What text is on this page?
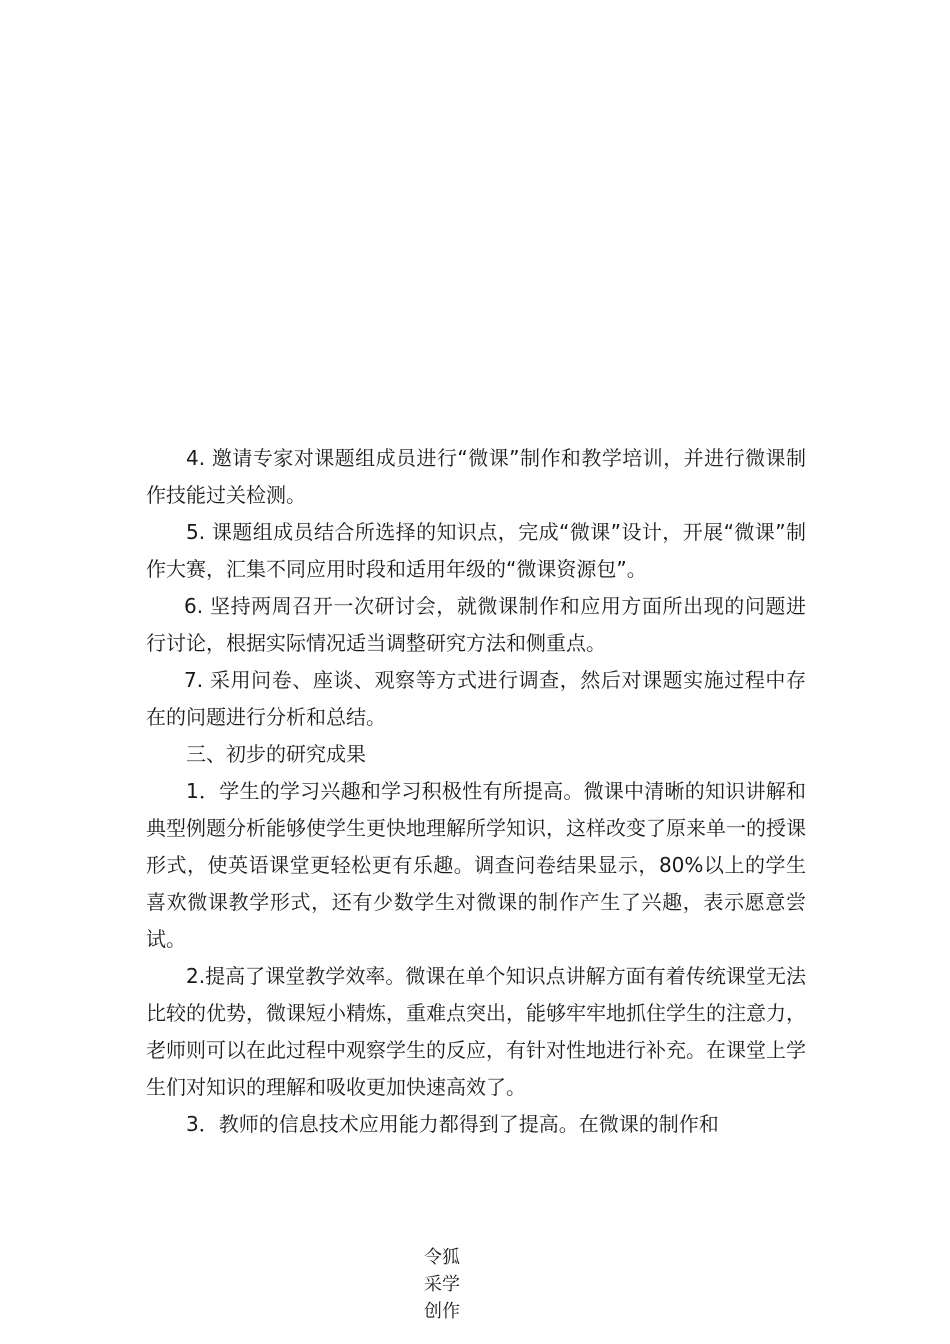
4. 邀请专家对课题组成员进行“微课”制作和教学培训，并进行微课制作技能过关检测。

5. 课题组成员结合所选择的知识点，完成“微课”设计，开展“微课”制作大赛，汇集不同应用时段和适用年级的“微课资源包”。

6. 坚持两周召开一次研讨会，就微课制作和应用方面所出现的问题进行讨论，根据实际情况适当调整研究方法和侧重点。

7. 采用问卷、座谈、观察等方式进行调查，然后对课题实施过程中存在的问题进行分析和总结。

三、初步的研究成果

1．学生的学习兴趣和学习积极性有所提高。微课中清晰的知识讲解和典型例题分析能够使学生更快地理解所学知识，这样改变了原来单一的授课形式，使英语课堂更轻松更有乐趣。调查问卷结果显示，80%以上的学生喜欢微课教学形式，还有少数学生对微课的制作产生了兴趣，表示愿意尝试。

2.提高了课堂教学效率。微课在单个知识点讲解方面有着传统课堂无法比较的优势，微课短小精炼，重难点突出，能够牢牢地抓住学生的注意力，老师则可以在此过程中观察学生的反应，有针对性地进行补充。在课堂上学生们对知识的理解和吸收更加快速高效了。

3．教师的信息技术应用能力都得到了提高。在微课的制作和

令狐
采学
创作
